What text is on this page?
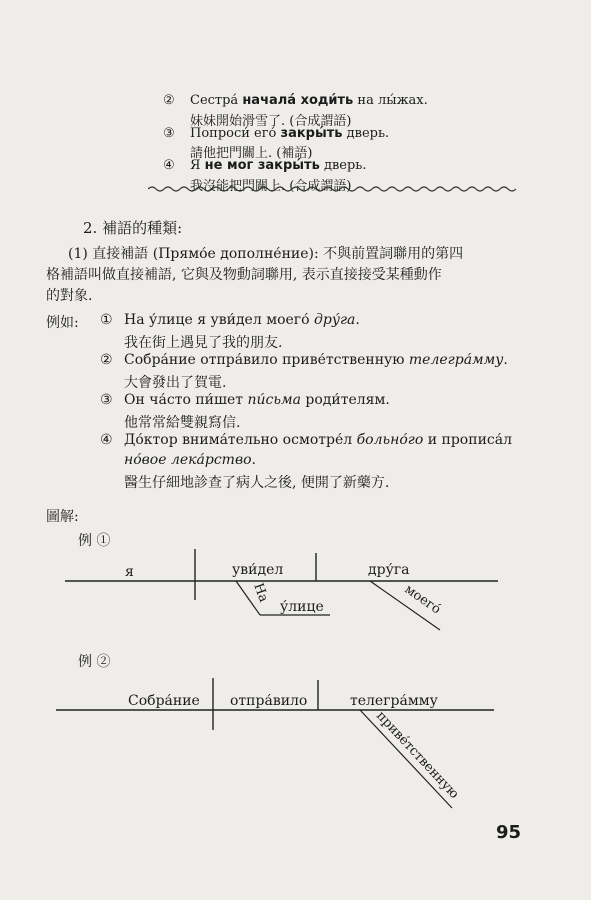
② Сестра́ начала́ ходи́ть на лы́жах.
妹妹開始滑雪了. (合成謂語)
③ Попроси́ его́ закры́ть дверь.
請他把門關上. (補語)
④ Я не мог закры́ть дверь.
我沒能把門關上. (合成謂語)
2. 補語的種類:
(1) 直接補語 (Прямо́е дополне́ние): 不與前置詞聯用的第四
格補語叫做直接補語, 它與及物動詞聯用, 表示直接接受某種動作
的對象.
例如: ① На у́лице я уви́дел моего́ дру́га.
我在街上遇見了我的朋友.
② Собра́ние отпра́вило приве́тственную телегра́мму.
大會發出了賀電.
③ Он ча́сто пи́шет пи́сьма роди́телям.
他常常給雙親寫信.
④ До́ктор внима́тельно осмотре́л больно́го и прописа́л
но́вое лека́рство.
醫生仔細地診查了病人之後, 便開了新藥方.
圖解:
例 ①
я	уви́дел	дру́га
На
у́лице	моего́
例 ②
Собра́ние отпра́вило	телегра́мму
приве́тственную
95
